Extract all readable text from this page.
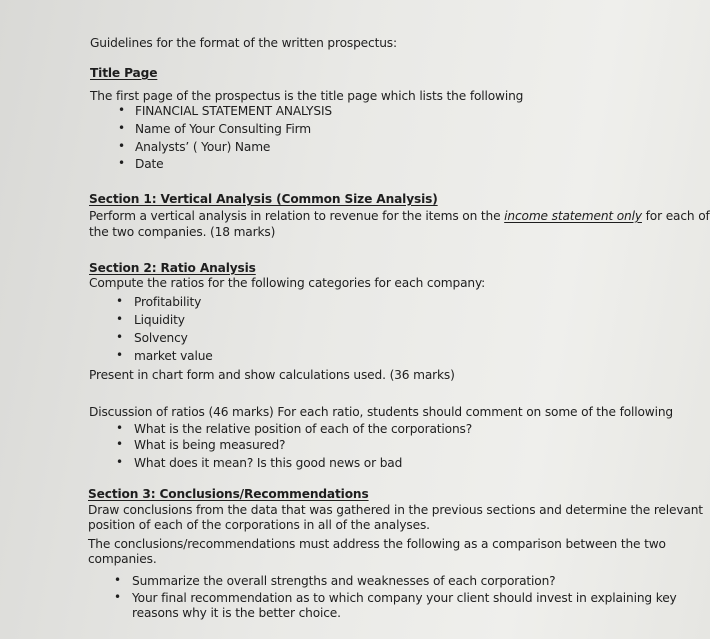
Guidelines for the format of the written prospectus:
Title Page
The first page of the prospectus is the title page which lists the following
• FINANCIAL STATEMENT ANALYSIS
• Name of Your Consulting Firm
• Analysts’ ( Your) Name
• Date
Section 1: Vertical Analysis (Common Size Analysis)
Perform a vertical analysis in relation to revenue for the items on the income statement only for each of
the two companies. (18 marks)
Section 2: Ratio Analysis
Compute the ratios for the following categories for each company:
• Profitability
• Liquidity
• Solvency
• market value
Present in chart form and show calculations used. (36 marks)
Discussion of ratios (46 marks) For each ratio, students should comment on some of the following
• What is the relative position of each of the corporations?
• What is being measured?
• What does it mean? Is this good news or bad
Section 3: Conclusions/Recommendations
Draw conclusions from the data that was gathered in the previous sections and determine the relevant
position of each of the corporations in all of the analyses.
The conclusions/recommendations must address the following as a comparison between the two
companies.
• Summarize the overall strengths and weaknesses of each corporation?
• Your final recommendation as to which company your client should invest in explaining key
reasons why it is the better choice.
